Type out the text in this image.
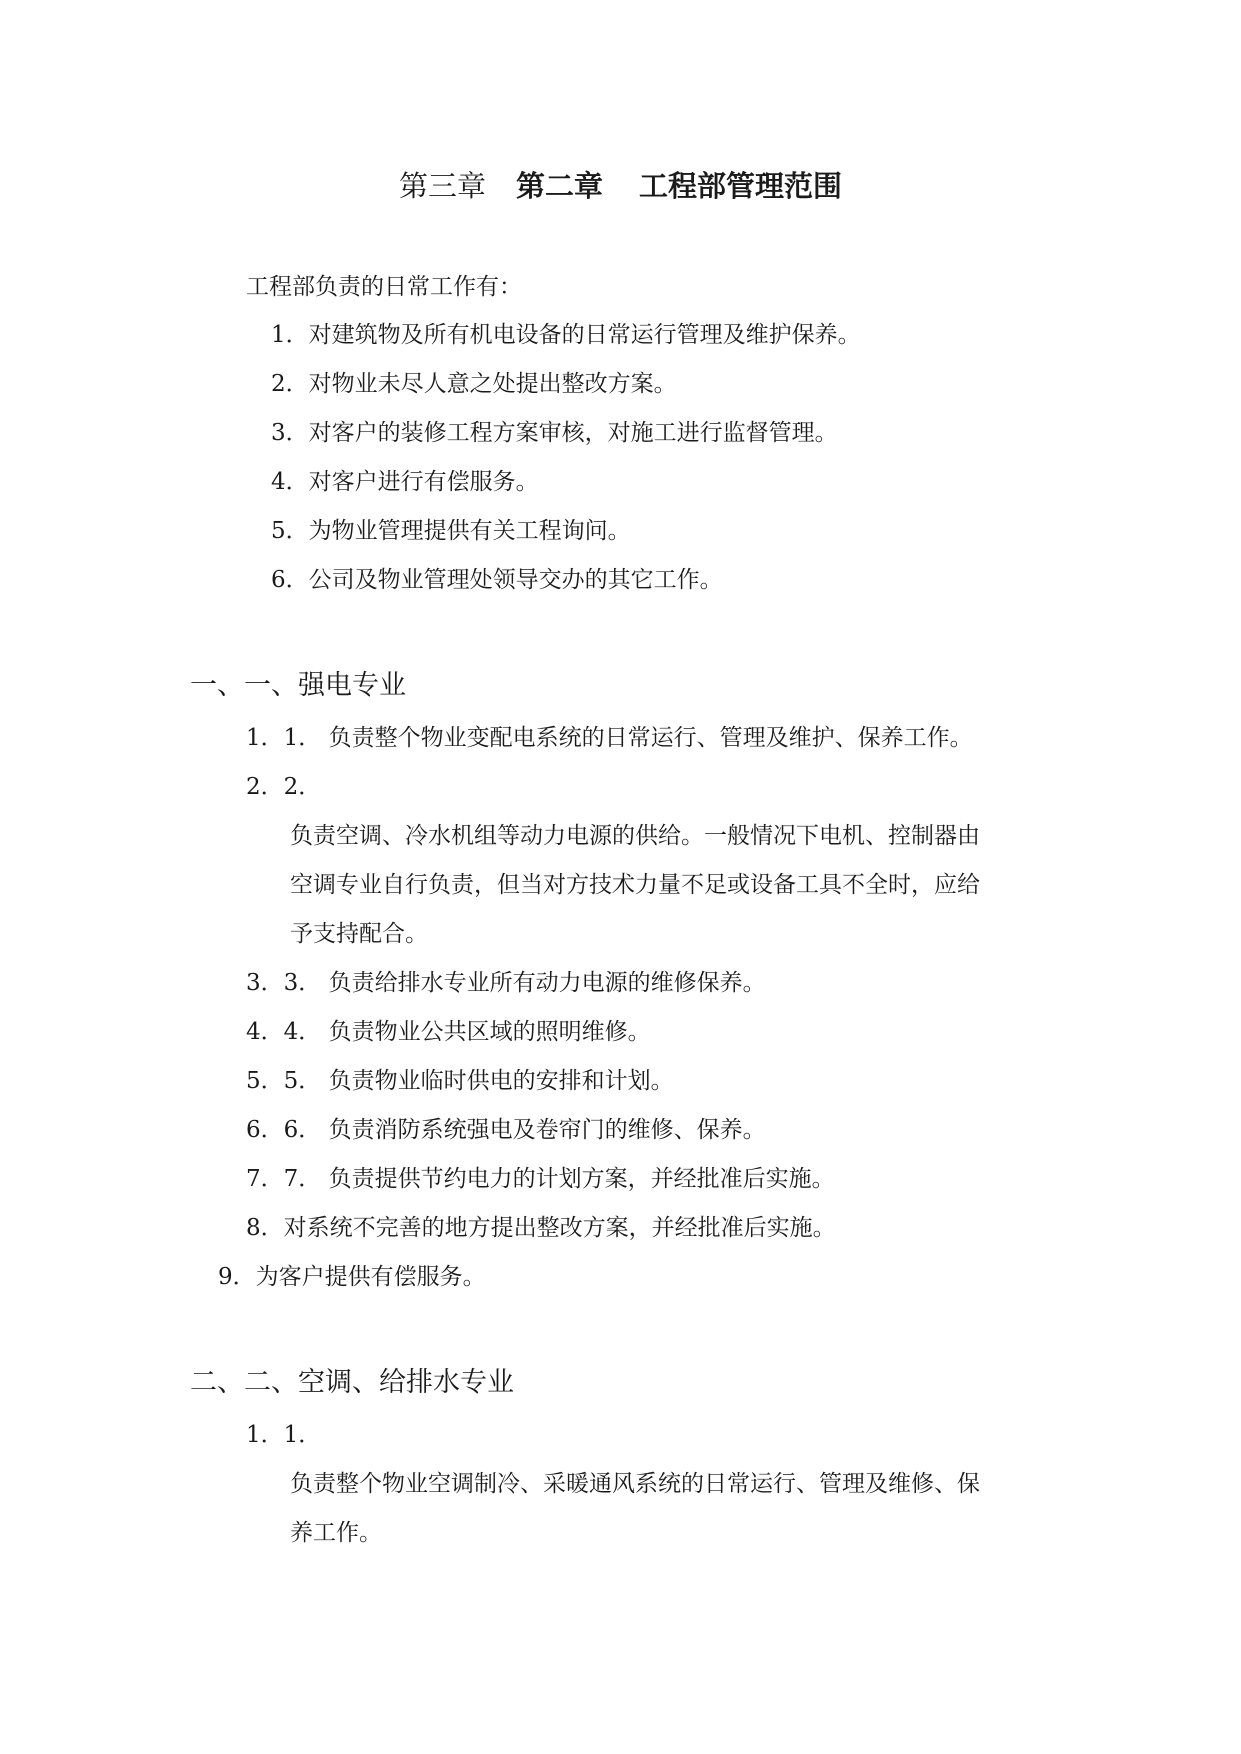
第三章 第二章 工程部管理范围
工程部负责的日常工作有：
1．对建筑物及所有机电设备的日常运行管理及维护保养。
2．对物业未尽人意之处提出整改方案。
3．对客户的装修工程方案审核，对施工进行监督管理。
4．对客户进行有偿服务。
5．为物业管理提供有关工程询问。
6．公司及物业管理处领导交办的其它工作。
一、一、强电专业
1．1． 负责整个物业变配电系统的日常运行、管理及维护、保养工作。
2．2．
负责空调、冷水机组等动力电源的供给。一般情况下电机、控制器由
空调专业自行负责，但当对方技术力量不足或设备工具不全时，应给
予支持配合。
3．3． 负责给排水专业所有动力电源的维修保养。
4．4． 负责物业公共区域的照明维修。
5．5． 负责物业临时供电的安排和计划。
6．6． 负责消防系统强电及卷帘门的维修、保养。
7．7． 负责提供节约电力的计划方案，并经批准后实施。
8．对系统不完善的地方提出整改方案，并经批准后实施。
9．为客户提供有偿服务。
二、二、空调、给排水专业
1．1．
负责整个物业空调制冷、采暖通风系统的日常运行、管理及维修、保
养工作。
